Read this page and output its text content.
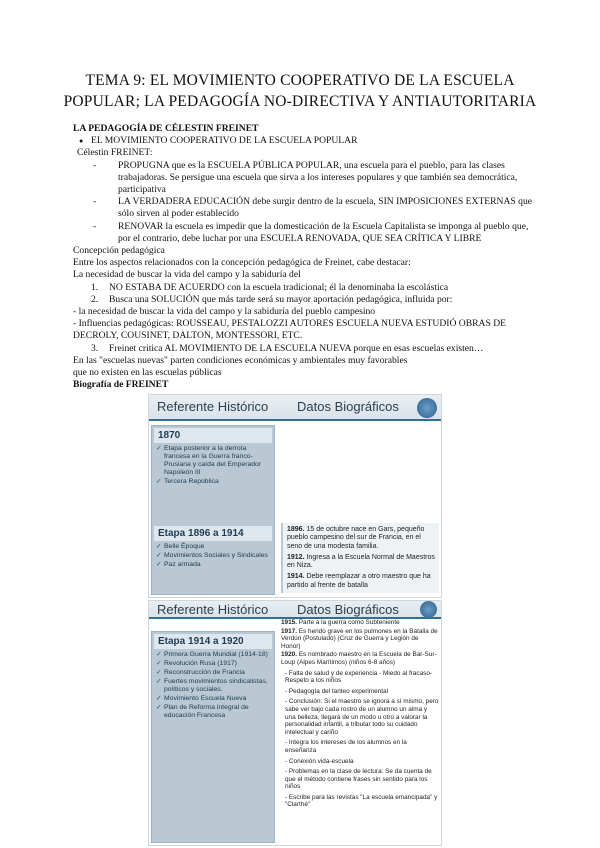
TEMA 9: EL MOVIMIENTO COOPERATIVO DE LA ESCUELA
POPULAR; LA PEDAGOGÍA NO-DIRECTIVA Y ANTIAUTORITARIA

LA PEDAGOGÍA DE CÉLESTIN FREINET

● EL MOVIMIENTO COOPERATIVO DE LA ESCUELA POPULAR

Célestin FREINET:

- PROPUGNA que es la ESCUELA PÚBLICA POPULAR, una escuela para el pueblo, para las clases trabajadoras. Se persigue una escuela que sirva a los intereses populares y que también sea democrática, participativa

- LA VERDADERA EDUCACIÓN debe surgir dentro de la escuela, SIN IMPOSICIONES EXTERNAS que sólo sirven al poder establecido

- RENOVAR la escuela es impedir que la domesticación de la Escuela Capitalista se imponga al pueblo que, por el contrario, debe luchar por una ESCUELA RENOVADA, QUE SEA CRÍTICA Y LIBRE

Concepción pedagógica

Entre los aspectos relacionados con la concepción pedagógica de Freinet, cabe destacar:

La necesidad de buscar la vida del campo y la sabiduría del

1. NO ESTABA DE ACUERDO con la escuela tradicional; él la denominaba la escolástica

2. Busca una SOLUCIÓN que más tarde será su mayor aportación pedagógica, influida por:

- la necesidad de buscar la vida del campo y la sabiduría del pueblo campesino

- Influencias pedagógicas: ROUSSEAU, PESTALOZZI AUTORES ESCUELA NUEVA ESTUDIÓ OBRAS DE DECROLY, COUSINET, DALTON, MONTESSORI, ETC.

3. Freinet critica AL MOVIMIENTO DE LA ESCUELA NUEVA porque en esas escuelas existen…

En las "escuelas nuevas" parten condiciones económicas y ambientales muy favorables

que no existen en las escuelas públicas

Biografía de FREINET

Referente Histórico Datos Biográficos
1870
✓ Etapa posterior a la derrota francesa en la Guerra franco-Prusiana y caída del Emperador Napoleón III
✓ Tercera República
Etapa 1896 a 1914
✓ Belle Époque
✓ Movimientos Sociales y Sindicales
✓ Paz armada
1896. 15 de octubre nace en Gars, pequeño pueblo campesino del sur de Francia, en el seno de una modesta familia.
1912. Ingresa a la Escuela Normal de Maestros en Niza.
1914. Debe reemplazar a otro maestro que ha partido al frente de batalla
Referente Histórico Datos Biográficos
Etapa 1914 a 1920
✓ Primera Guerra Mundial (1914-18)
✓ Revolución Rusa (1917)
✓ Reconstrucción de Francia
✓ Fuertes movimientos sindicalistas, políticos y sociales.
✓ Movimiento Escuela Nueva
✓ Plan de Reforma integral de educación Francesa
1915. Parte a la guerra como Subteniente
1917. Es herido grave en los pulmones en la Batalla de Verdún (Postulado) (Cruz de Guerra y Legión de Honor)
1920. Es nombrado maestro en la Escuela de Bar-Sur-Loup (Alpes Marítimos) (niños 6-8 años)
- Falta de salud y de experiencia - Miedo al fracaso- Respeto a los niños
- Pedagogía del tanteo experimental
- Conclusión: Si el maestro se ignora a sí mismo, pero sabe ver bajo cada rostro de un alumno un alma y una belleza, llegará de un modo u otro a valorar la personalidad infantil, a tributar todo su cuidado intelectual y cariño
- Integra los intereses de los alumnos en la enseñanza
- Conexión vida-escuela
- Problemas en la clase de lectura: Se da cuenta de que el método contiene frases sin sentido para los niños
- Escribe para las revistas "La escuela emancipada" y "Clarthé"
